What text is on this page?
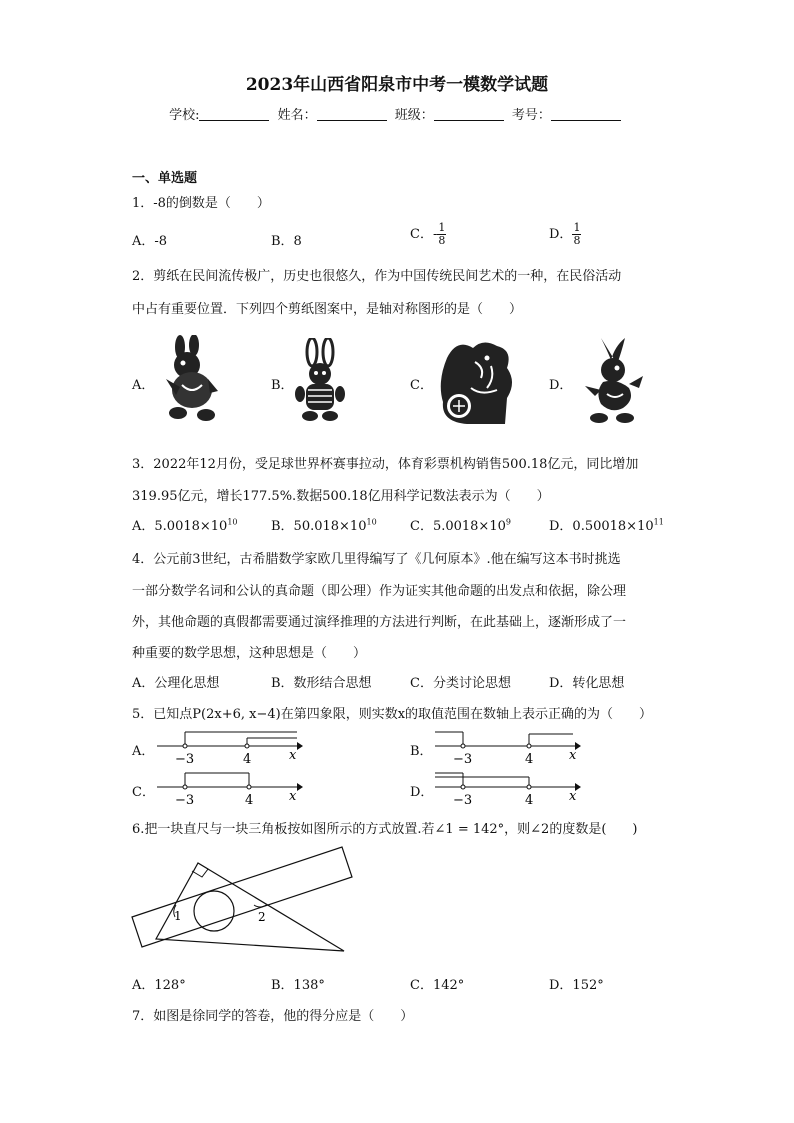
2023年山西省阳泉市中考一模数学试题
学校:	姓名：	班级：	考号：
一、单选题
1．-8的倒数是（　　）
A．-8	B．8	C．- $\frac{1}{8}$	D． $\frac{1}{8}$
2．剪纸在民间流传极广，历史也很悠久，作为中国传统民间艺术的一种，在民俗活动
中占有重要位置．下列四个剪纸图案中，是轴对称图形的是（　　）
A．	B．	C．	D．
3．2022年12月份，受足球世界杯赛事拉动，体育彩票机构销售500.18亿元，同比增加
319.95亿元，增长177.5%.数据500.18亿用科学记数法表示为（　　）
A．$5.0018\times 10^{10}$	B．$50.018\times 10^{10}$	C．$5.0018\times 10^9$	D．$0.50018\times 10^{11}$
4．公元前3世纪，古希腊数学家欧几里得编写了《几何原本》.他在编写这本书时挑选
一部分数学名词和公认的真命题（即公理）作为证实其他命题的出发点和依据，除公理
外，其他命题的真假都需要通过演绎推理的方法进行判断，在此基础上，逐渐形成了一
种重要的数学思想，这种思想是（　　）
A．公理化思想	B．数形结合思想	C．分类讨论思想	D．转化思想
5．已知点P(2x+6, x−4)在第四象限，则实数x的取值范围在数轴上表示正确的为（　　）
A．
−3	4	x	B．
−3	4	x
C．
−3	4	x	D．
−3	4	x
6.把一块直尺与一块三角板按如图所示的方式放置.若∠1 = 142°，则∠2的度数是(　　)
1	2
A．128°	B．138°	C．142°	D．152°
7．如图是徐同学的答卷，他的得分应是（　　）
